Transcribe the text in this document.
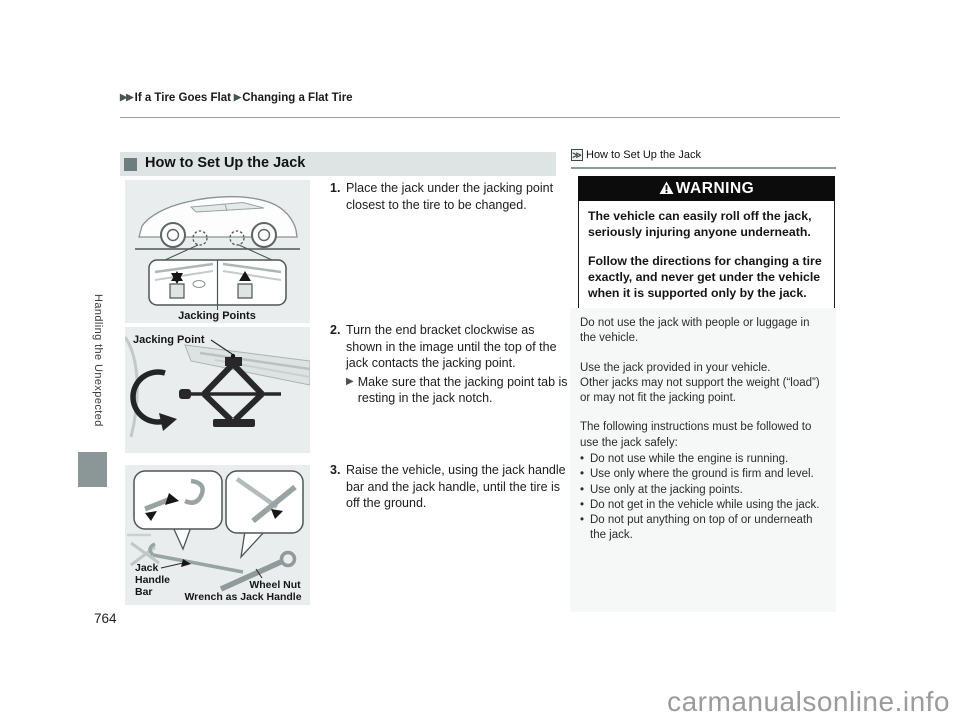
▶▶ If a Tire Goes Flat ▶ Changing a Flat Tire
Handling the Unexpected
How to Set Up the Jack
Jacking Points
Jacking Point
Jack
Handle
Bar
Wheel Nut
Wrench as Jack Handle
1. Place the jack under the jacking point closest to the tire to be changed.
2. Turn the end bracket clockwise as shown in the image until the top of the jack contacts the jacking point.
▶ Make sure that the jacking point tab is resting in the jack notch.
3. Raise the vehicle, using the jack handle bar and the jack handle, until the tire is off the ground.
≫ How to Set Up the Jack
WARNING

The vehicle can easily roll off the jack, seriously injuring anyone underneath.

Follow the directions for changing a tire exactly, and never get under the vehicle when it is supported only by the jack.

Do not use the jack with people or luggage in the vehicle.

Use the jack provided in your vehicle.

Other jacks may not support the weight (“load”) or may not fit the jacking point.

The following instructions must be followed to use the jack safely:

• Do not use while the engine is running.
• Use only where the ground is firm and level.
• Use only at the jacking points.
• Do not get in the vehicle while using the jack.
• Do not put anything on top of or underneath the jack.
764
carmanualsonline.info
